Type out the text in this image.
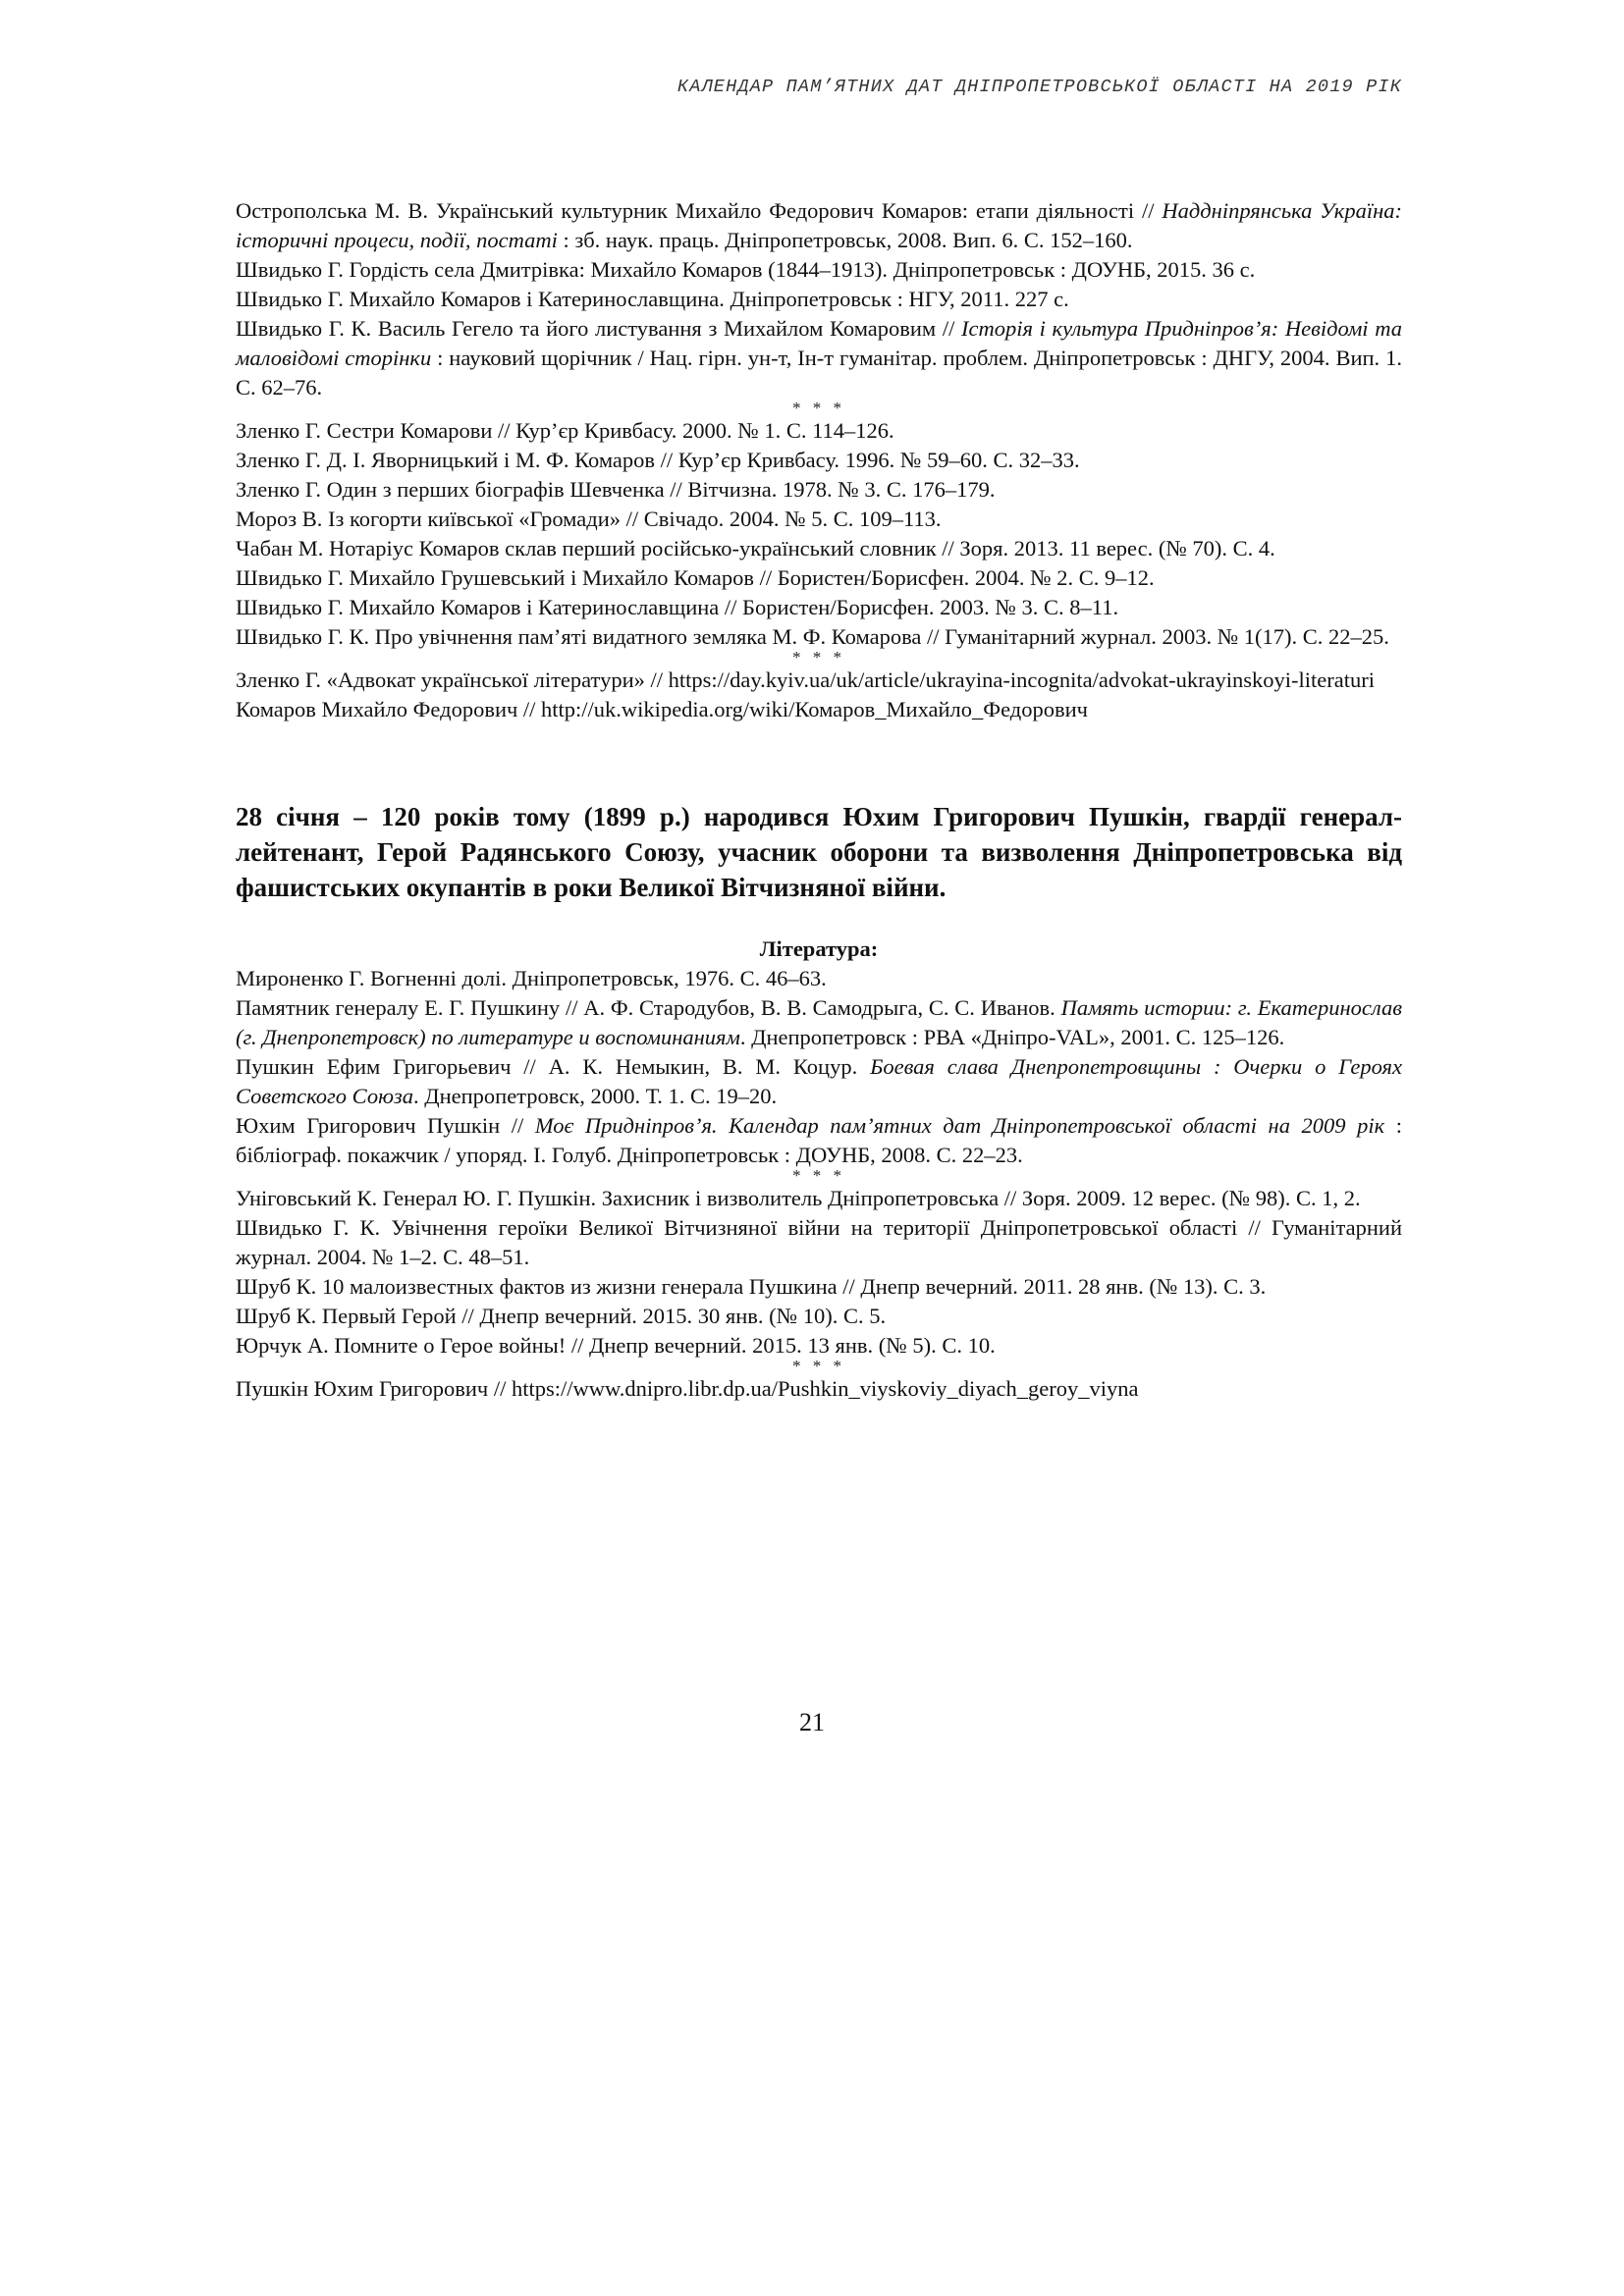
КАЛЕНДАР ПАМ’ЯТНИХ ДАТ ДНІПРОПЕТРОВСЬКОЇ ОБЛАСТІ НА 2019 РІК

Острополська М. В. Український культурник Михайло Федорович Комаров: етапи діяльності // Наддніпрянська Україна: історичні процеси, події, постаті : зб. наук. праць. Дніпропетровськ, 2008. Вип. 6. С. 152–160.

Швидько Г. Гордість села Дмитрівка: Михайло Комаров (1844–1913). Дніпропетровськ : ДОУНБ, 2015. 36 с.

Швидько Г. Михайло Комаров і Катеринославщина. Дніпропетровськ : НГУ, 2011. 227 с.

Швидько Г. К. Василь Гегело та його листування з Михайлом Комаровим // Історія і культура Придніпров’я: Невідомі та маловідомі сторінки : науковий щорічник / Нац. гірн. ун-т, Ін-т гуманітар. проблем. Дніпропетровськ : ДНГУ, 2004. Вип. 1. С. 62–76.

* * *

Зленко Г. Сестри Комарови // Кур’єр Кривбасу. 2000. № 1. С. 114–126.

Зленко Г. Д. І. Яворницький і М. Ф. Комаров // Кур’єр Кривбасу. 1996. № 59–60. С. 32–33.

Зленко Г. Один з перших біографів Шевченка // Вітчизна. 1978. № 3. С. 176–179.

Мороз В. Із когорти київської «Громади» // Свічадо. 2004. № 5. С. 109–113.

Чабан М. Нотаріус Комаров склав перший російсько-український словник // Зоря. 2013. 11 верес. (№ 70). С. 4.

Швидько Г. Михайло Грушевський і Михайло Комаров // Бористен/Борисфен. 2004. № 2. С. 9–12.

Швидько Г. Михайло Комаров і Катеринославщина // Бористен/Борисфен. 2003. № 3. С. 8–11.

Швидько Г. К. Про увічнення пам’яті видатного земляка М. Ф. Комарова // Гуманітарний журнал. 2003. № 1(17). С. 22–25.

* * *

Зленко Г. «Адвокат української літератури» // https://day.kyiv.ua/uk/article/ukrayina-incognita/advokat-ukrayinskoyi-literaturi

Комаров Михайло Федорович // http://uk.wikipedia.org/wiki/Комаров_Михайло_Федорович

28 січня – 120 років тому (1899 р.) народився Юхим Григорович Пушкін, гвардії генерал-лейтенант, Герой Радянського Союзу, учасник оборони та визволення Дніпропетровська від фашистських окупантів в роки Великої Вітчизняної війни.

Література:

Мироненко Г. Вогненні долі. Дніпропетровськ, 1976. С. 46–63.

Памятник генералу Е. Г. Пушкину // А. Ф. Стародубов, В. В. Самодрыга, С. С. Иванов. Память истории: г. Екатеринослав (г. Днепропетровск) по литературе и воспоминаниям. Днепропетровск : РВА «Дніпро-VAL», 2001. С. 125–126.

Пушкин Ефим Григорьевич // А. К. Немыкин, В. М. Коцур. Боевая слава Днепропетровщины : Очерки о Героях Советского Союза. Днепропетровск, 2000. Т. 1. С. 19–20.

Юхим Григорович Пушкін // Моє Придніпров’я. Календар пам’ятних дат Дніпропетровської області на 2009 рік : бібліограф. покажчик / упоряд. І. Голуб. Дніпропетровськ : ДОУНБ, 2008. С. 22–23.

* * *

Уніговський К. Генерал Ю. Г. Пушкін. Захисник і визволитель Дніпропетровська // Зоря. 2009. 12 верес. (№ 98). С. 1, 2.

Швидько Г. К. Увічнення героїки Великої Вітчизняної війни на території Дніпропетровської області // Гуманітарний журнал. 2004. № 1–2. С. 48–51.

Шруб К. 10 малоизвестных фактов из жизни генерала Пушкина // Днепр вечерний. 2011. 28 янв. (№ 13). С. 3.

Шруб К. Первый Герой // Днепр вечерний. 2015. 30 янв. (№ 10). С. 5.

Юрчук А. Помните о Герое войны! // Днепр вечерний. 2015. 13 янв. (№ 5). С. 10.

* * *

Пушкін Юхим Григорович // https://www.dnipro.libr.dp.ua/Pushkin_viyskoviy_diyach_geroy_viyna

21
